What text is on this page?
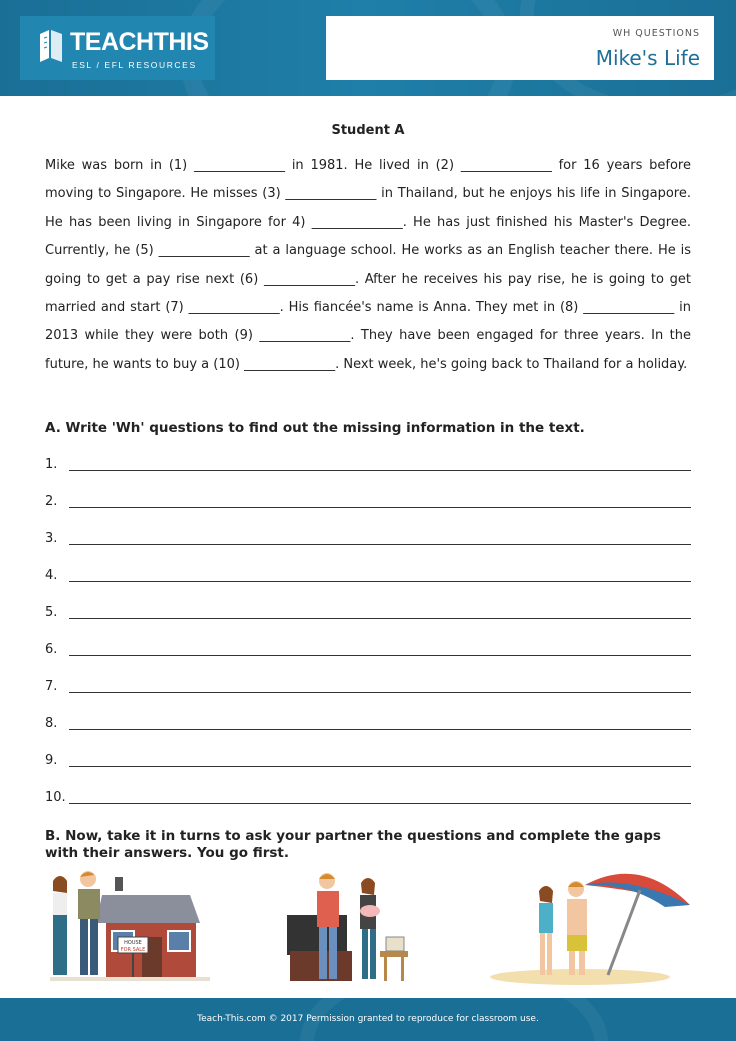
TEACHTHIS
ESL / EFL RESOURCES
WH QUESTIONS
Mike's Life
Student A

Mike was born in (1) ______________ in 1981. He lived in (2) ______________ for 16 years before moving to Singapore. He misses (3) ______________ in Thailand, but he enjoys his life in Singapore. He has been living in Singapore for 4) ______________. He has just finished his Master's Degree. Currently, he (5) ______________ at a language school. He works as an English teacher there. He is going to get a pay rise next (6) ______________. After he receives his pay rise, he is going to get married and start (7) ______________. His fiancée's name is Anna. They met in (8) ______________ in 2013 while they were both (9) ______________. They have been engaged for three years. In the future, he wants to buy a (10) ______________. Next week, he's going back to Thailand for a holiday.

A. Write 'Wh' questions to find out the missing information in the text.
1.
2.
3.
4.
5.
6.
7.
8.
9.
10.
B. Now, take it in turns to ask your partner the questions and complete the gaps with their answers. You go first.
HOUSE
FOR SALE
Teach-This.com © 2017 Permission granted to reproduce for classroom use.
